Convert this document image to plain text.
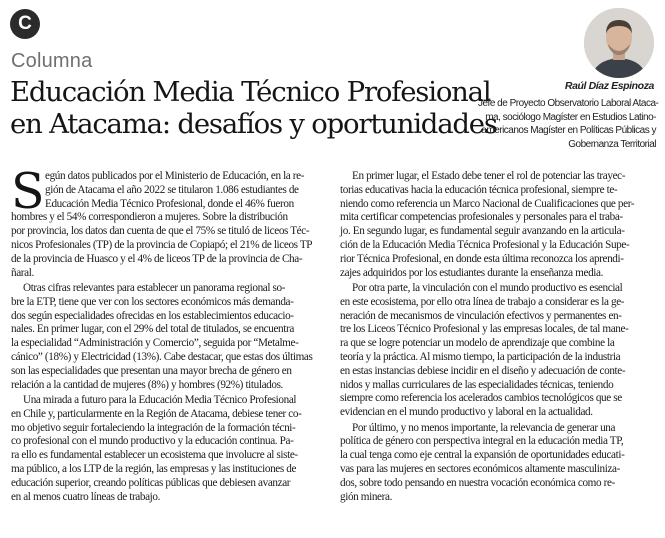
C
Columna
Educación Media Técnico Profesional
en Atacama: desafíos y oportunidades
Raúl Díaz Espinoza
Jefe de Proyecto Observatorio Laboral Ataca-
ma, sociólogo Magíster en Estudios Latino-
americanos Magíster en Políticas Públicas y
Gobernanza Territorial
S egún datos publicados por el Ministerio de Educación, en la re-
gión de Atacama el año 2022 se titularon 1.086 estudiantes de
Educación Media Técnico Profesional, donde el 46% fueron
hombres y el 54% correspondieron a mujeres. Sobre la distribución
por provincia, los datos dan cuenta de que el 75% se tituló de liceos Téc-
nicos Profesionales (TP) de la provincia de Copiapó; el 21% de liceos TP
de la provincia de Huasco y el 4% de liceos TP de la provincia de Cha-
ñaral.
Otras cifras relevantes para establecer un panorama regional so-
bre la ETP, tiene que ver con los sectores económicos más demanda-
dos según especialidades ofrecidas en los establecimientos educacio-
nales. En primer lugar, con el 29% del total de titulados, se encuentra
la especialidad “Administración y Comercio”, seguida por “Metalme-
cánico” (18%) y Electricidad (13%). Cabe destacar, que estas dos últimas
son las especialidades que presentan una mayor brecha de género en
relación a la cantidad de mujeres (8%) y hombres (92%) titulados.
Una mirada a futuro para la Educación Media Técnico Profesional
en Chile y, particularmente en la Región de Atacama, debiese tener co-
mo objetivo seguir fortaleciendo la integración de la formación técni-
co profesional con el mundo productivo y la educación continua. Pa-
ra ello es fundamental establecer un ecosistema que involucre al siste-
ma público, a los LTP de la región, las empresas y las instituciones de
educación superior, creando políticas públicas que debiesen avanzar
en al menos cuatro líneas de trabajo.
En primer lugar, el Estado debe tener el rol de potenciar las trayec-
torias educativas hacia la educación técnica profesional, siempre te-
niendo como referencia un Marco Nacional de Cualificaciones que per-
mita certificar competencias profesionales y personales para el traba-
jo. En segundo lugar, es fundamental seguir avanzando en la articula-
ción de la Educación Media Técnica Profesional y la Educación Supe-
rior Técnica Profesional, en donde esta última reconozca los aprendi-
zajes adquiridos por los estudiantes durante la enseñanza media.
Por otra parte, la vinculación con el mundo productivo es esencial
en este ecosistema, por ello otra línea de trabajo a considerar es la ge-
neración de mecanismos de vinculación efectivos y permanentes en-
tre los Liceos Técnico Profesional y las empresas locales, de tal mane-
ra que se logre potenciar un modelo de aprendizaje que combine la
teoría y la práctica. Al mismo tiempo, la participación de la industria
en estas instancias debiese incidir en el diseño y adecuación de conte-
nidos y mallas curriculares de las especialidades técnicas, teniendo
siempre como referencia los acelerados cambios tecnológicos que se
evidencian en el mundo productivo y laboral en la actualidad.
Por último, y no menos importante, la relevancia de generar una
política de género con perspectiva integral en la educación media TP,
la cual tenga como eje central la expansión de oportunidades educati-
vas para las mujeres en sectores económicos altamente masculiniza-
dos, sobre todo pensando en nuestra vocación económica como re-
gión minera.
